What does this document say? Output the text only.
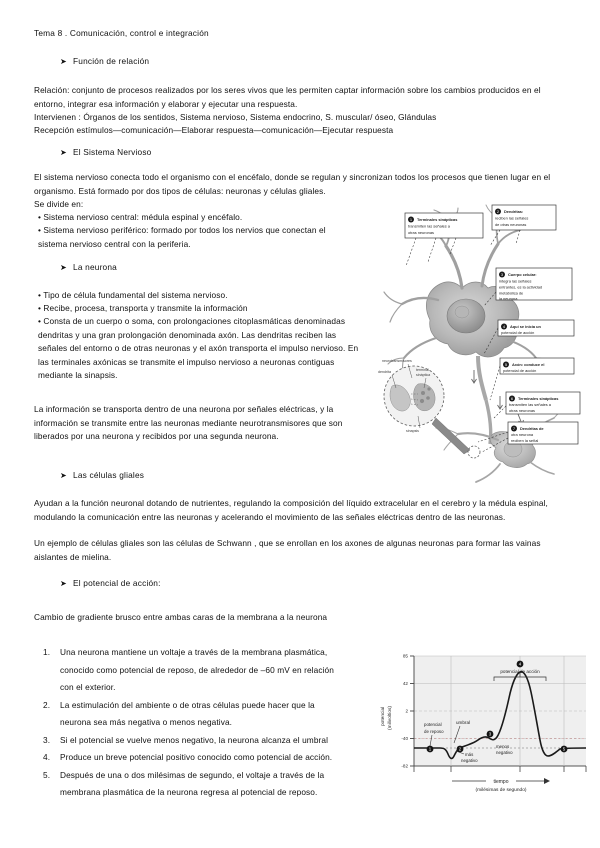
Tema 8 . Comunicación, control e integración
➤ Función de relación

Relación: conjunto de procesos realizados por los seres vivos que les permiten captar información sobre los cambios producidos en el entorno, integrar esa información y elaborar y ejecutar una respuesta.

Intervienen : Órganos de los sentidos, Sistema nervioso, Sistema endocrino, S. muscular/ óseo, Glándulas

Recepción estímulos—comunicación—Elaborar respuesta—comunicación—Ejecutar respuesta

➤ El Sistema Nervioso

El sistema nervioso conecta todo el organismo con el encéfalo, donde se regulan y sincronizan todos los procesos que tienen lugar en el organismo. Está formado por dos tipos de células: neuronas y células gliales.

Se divide en:

• Sistema nervioso central: médula espinal y encéfalo.

• Sistema nervioso periférico: formado por todos los nervios que conectan el sistema nervioso central con la periferia.

➤ La neurona

• Tipo de célula fundamental del sistema nervioso.

• Recibe, procesa, transporta y transmite la información

• Consta de un cuerpo o soma, con prolongaciones citoplasmáticas denominadas dendritas y una gran prolongación denominada axón. Las dendritas reciben las señales del entorno o de otras neuronas y el axón transporta el impulso nervioso. En las terminales axónicas se transmite el impulso nervioso a neuronas contiguas mediante la sinapsis.

La información se transporta dentro de una neurona por señales eléctricas, y la información se transmite entre las neuronas mediante neurotransmisores que son liberados por una neurona y recibidos por una segunda neurona.

➤ Las células gliales

Ayudan a la función neuronal dotando de nutrientes, regulando la composición del líquido extracelular en el cerebro y la médula espinal, modulando la comunicación entre las neuronas y acelerando el movimiento de las señales eléctricas dentro de las neuronas.

Un ejemplo de células gliales son las células de Schwann , que se enrollan en los axones de algunas neuronas para formar las vainas aislantes de mielina.

➤ El potencial de acción:

Cambio de gradiente brusco entre ambas caras de la membrana a la neurona

1.	Una neurona mantiene un voltaje a través de la membrana plasmática, conocido como potencial de reposo, de alrededor de –60 mV en relación con el exterior.
2.	La estimulación del ambiente o de otras células puede hacer que la neurona sea más negativa o menos negativa.
3.	Si el potencial se vuelve menos negativo, la neurona alcanza el umbral
4.	Produce un breve potencial positivo conocido como potencial de acción.
5.	Después de una o dos milésimas de segundo, el voltaje a través de la membrana plasmática de la neurona regresa al potencial de reposo.
neurotransmisores
dendrita	terminal
sináptica
sinapsis
1 Terminales sinápticas
transmiten las señales a
otras neuronas
2 Dendritas:
reciben las señales
de otras neuronas
3 Cuerpo celular:
integra las señales
entrantes, es la actividad
metabólica de
la neurona
4 Aquí se inicia un
potencial de acción
5 Axón: conduce el
potencial de acción
6 Terminales sinápticas
transmiten las señales a
otras neuronas
7 Dendritas de
otra neurona
reciben la señal
85
42
2
-40
-82
potencial (milivoltios)
4
potencial de acción
potencial
de reposo
umbral
más
negativo
menos
negativo
1	2
3
5
tiempo
(milésimas de segundo)
